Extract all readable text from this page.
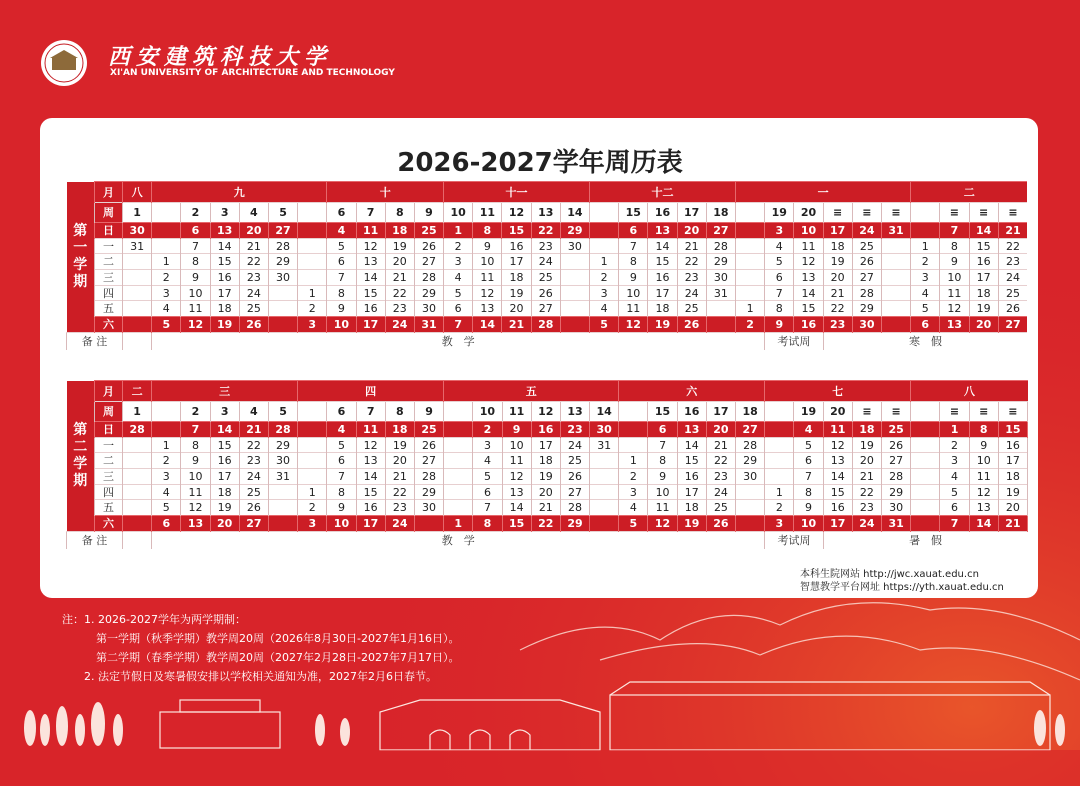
西安建筑科技大学
XI'AN UNIVERSITY OF ARCHITECTURE AND TECHNOLOGY
2026-2027学年周历表
第一学期	月	八	九						十				十一					十二					一						二			
	周	1		2	3	4	5		6	7	8	9	10	11	12	13	14		15	16	17	18		19	20	≡	≡	≡		≡	≡	≡
	日	30		6	13	20	27		4	11	18	25	1	8	15	22	29		6	13	20	27		3	10	17	24	31		7	14	21
	一	31		7	14	21	28		5	12	19	26	2	9	16	23	30		7	14	21	28		4	11	18	25		1	8	15	22
	二		1	8	15	22	29		6	13	20	27	3	10	17	24		1	8	15	22	29		5	12	19	26		2	9	16	23
	三		2	9	16	23	30		7	14	21	28	4	11	18	25		2	9	16	23	30		6	13	20	27		3	10	17	24
	四		3	10	17	24		1	8	15	22	29	5	12	19	26		3	10	17	24	31		7	14	21	28		4	11	18	25
	五		4	11	18	25		2	9	16	23	30	6	13	20	27		4	11	18	25		1	8	15	22	29		5	12	19	26
	六		5	12	19	26		3	10	17	24	31	7	14	21	28		5	12	19	26		2	9	16	23	30		6	13	20	27
备 注			教　学																					考试周		寒　假						
第二学期	月	二	三					四					五						六					七					八				
	周	1		2	3	4	5		6	7	8	9		10	11	12	13	14		15	16	17	18		19	20	≡	≡		≡	≡	≡	
	日	28		7	14	21	28		4	11	18	25		2	9	16	23	30		6	13	20	27		4	11	18	25		1	8	15	
	一		1	8	15	22	29		5	12	19	26		3	10	17	24	31		7	14	21	28		5	12	19	26		2	9	16	
	二		2	9	16	23	30		6	13	20	27		4	11	18	25		1	8	15	22	29		6	13	20	27		3	10	17	
	三		3	10	17	24	31		7	14	21	28		5	12	19	26		2	9	16	23	30		7	14	21	28		4	11	18	
	四		4	11	18	25		1	8	15	22	29		6	13	20	27		3	10	17	24		1	8	15	22	29		5	12	19	
	五		5	12	19	26		2	9	16	23	30		7	14	21	28		4	11	18	25		2	9	16	23	30		6	13	20	
	六		6	13	20	27		3	10	17	24		1	8	15	22	29		5	12	19	26		3	10	17	24	31		7	14	21	
备 注			教　学																					考试周		暑　假							
本科生院网站 http://jwc.xauat.edu.cn
智慧教学平台网址 https://yth.xauat.edu.cn
注：1. 2026-2027学年为两学期制：
第一学期（秋季学期）教学周20周（2026年8月30日-2027年1月16日）。
第二学期（春季学期）教学周20周（2027年2月28日-2027年7月17日）。
2. 法定节假日及寒暑假安排以学校相关通知为准，2027年2月6日春节。
